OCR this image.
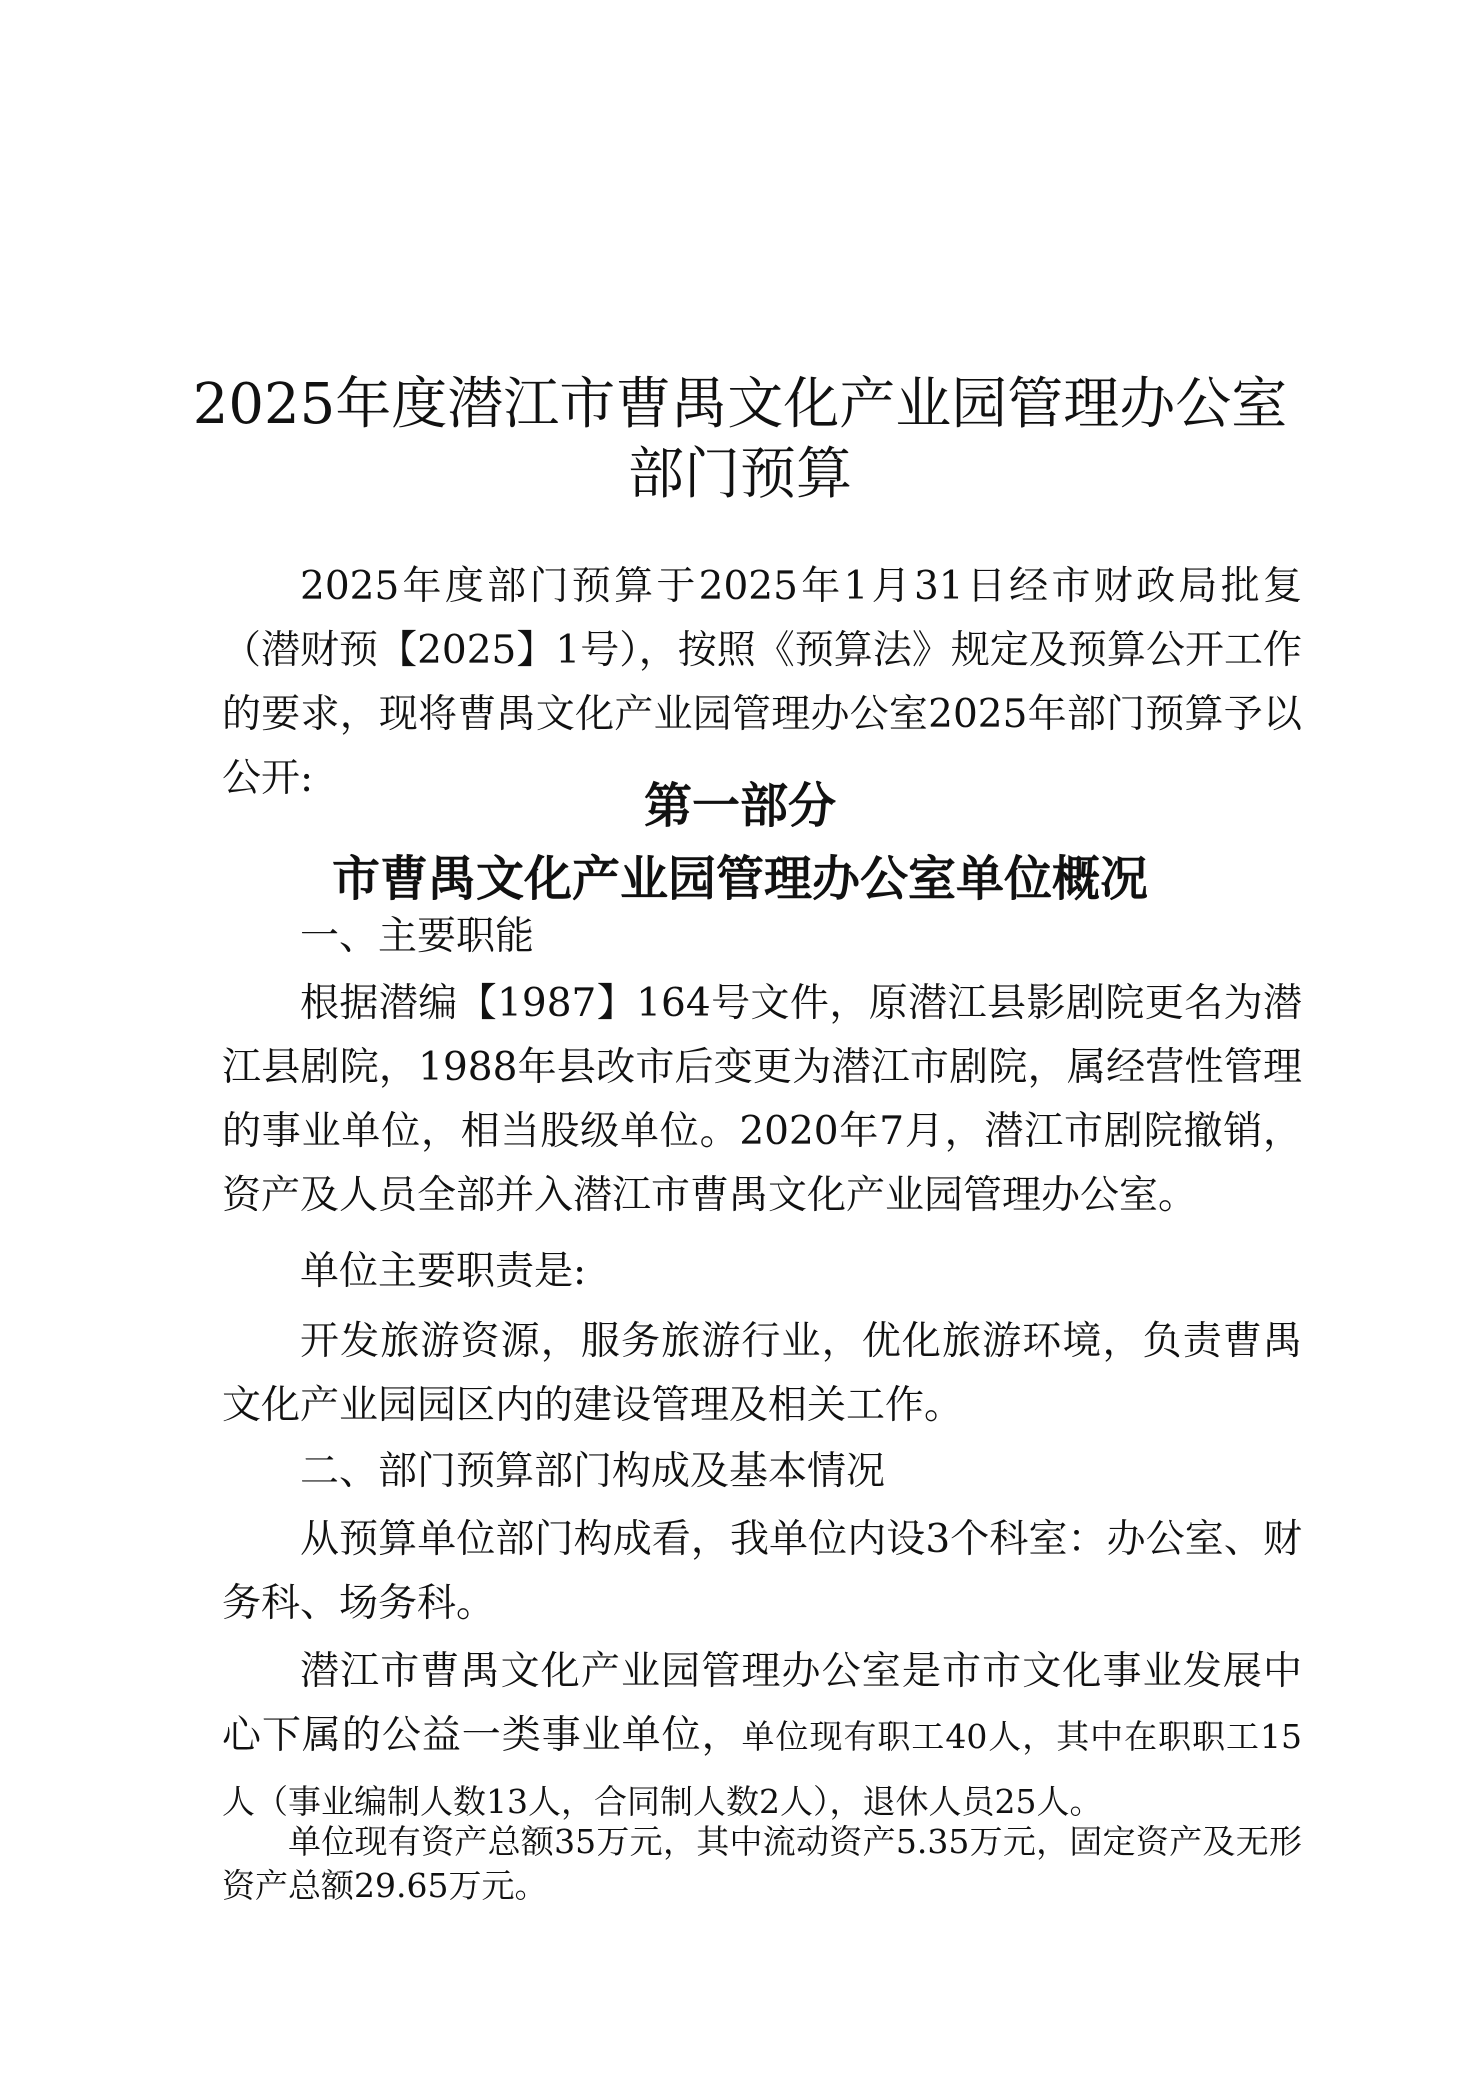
2025年度潜江市曹禺文化产业园管理办公室
部门预算

2025年度部门预算于2025年1月31日经市财政局批复（潜财预【2025】1号），按照《预算法》规定及预算公开工作的要求，现将曹禺文化产业园管理办公室2025年部门预算予以公开:	第一部分
市曹禺文化产业园管理办公室单位概况

一、主要职能

根据潜编【1987】164号文件，原潜江县影剧院更名为潜江县剧院，1988年县改市后变更为潜江市剧院，属经营性管理的事业单位，相当股级单位。2020年7月，潜江市剧院撤销，资产及人员全部并入潜江市曹禺文化产业园管理办公室。

单位主要职责是:

开发旅游资源，服务旅游行业，优化旅游环境，负责曹禺文化产业园园区内的建设管理及相关工作。

二、部门预算部门构成及基本情况

从预算单位部门构成看，我单位内设3个科室：办公室、财务科、场务科。

潜江市曹禺文化产业园管理办公室是市市文化事业发展中心下属的公益一类事业单位，单位现有职工40人，其中在职职工15人（事业编制人数13人，合同制人数2人），退休人员25人。

单位现有资产总额35万元，其中流动资产5.35万元，固定资产及无形资产总额29.65万元。
